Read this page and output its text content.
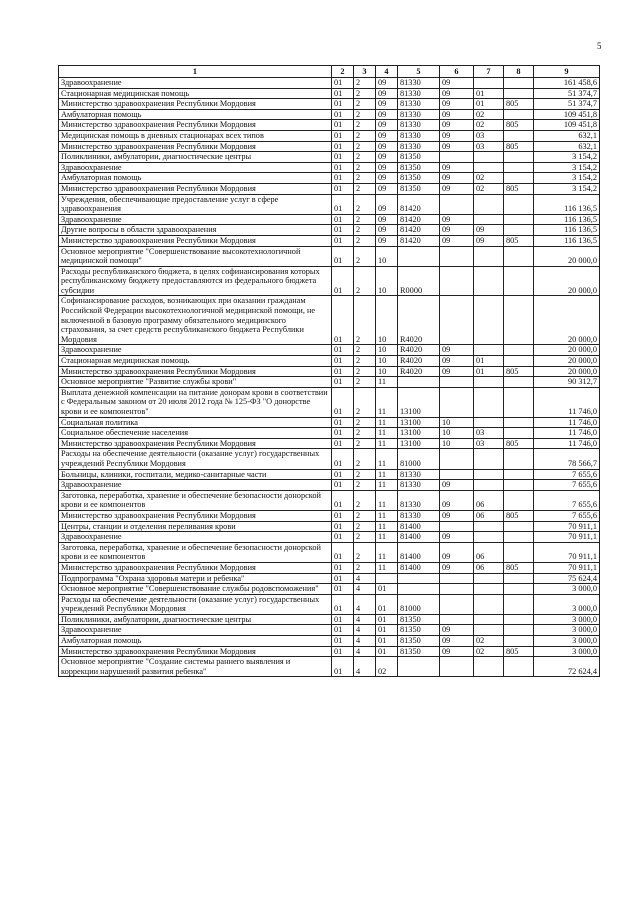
5
1	2	3	4	5	6	7	8	9
Здравоохранение	01	2	09	81330	09			161 458,6
Стационарная медицинская помощь	01	2	09	81330	09	01		51 374,7
Министерство здравоохранения Республики Мордовия	01	2	09	81330	09	01	805	51 374,7
Амбулаторная помощь	01	2	09	81330	09	02		109 451,8
Министерство здравоохранения Республики Мордовия	01	2	09	81330	09	02	805	109 451,8
Медицинская помощь в дневных стационарах всех типов	01	2	09	81330	09	03		632,1
Министерство здравоохранения Республики Мордовия	01	2	09	81330	09	03	805	632,1
Поликлиники, амбулатории, диагностические центры	01	2	09	81350				3 154,2
Здравоохранение	01	2	09	81350	09			3 154,2
Амбулаторная помощь	01	2	09	81350	09	02		3 154,2
Министерство здравоохранения Республики Мордовия	01	2	09	81350	09	02	805	3 154,2
Учреждения, обеспечивающие предоставление услуг в сфере здравоохранения	01	2	09	81420				116 136,5
Здравоохранение	01	2	09	81420	09			116 136,5
Другие вопросы в области здравоохранения	01	2	09	81420	09	09		116 136,5
Министерство здравоохранения Республики Мордовия	01	2	09	81420	09	09	805	116 136,5
Основное мероприятие "Совершенствование высокотехнологичной медицинской помощи"	01	2	10					20 000,0
Расходы республиканского бюджета, в целях софинансирования которых республиканскому бюджету предоставляются из федерального бюджета субсидии	01	2	10	R0000				20 000,0
Софинансирование расходов, возникающих при оказании гражданам Российской Федерации высокотехнологичной медицинской помощи, не включенной в базовую программу обязательного медицинского страхования, за счет средств республиканского бюджета Республики Мордовия	01	2	10	R4020				20 000,0
Здравоохранение	01	2	10	R4020	09			20 000,0
Стационарная медицинская помощь	01	2	10	R4020	09	01		20 000,0
Министерство здравоохранения Республики Мордовия	01	2	10	R4020	09	01	805	20 000,0
Основное мероприятие "Развитие службы крови"	01	2	11					90 312,7
Выплата денежной компенсации на питание донорам крови в соответствии с Федеральным законом от 20 июля 2012 года № 125-ФЗ "О донорстве крови и ее компонентов"	01	2	11	13100				11 746,0
Социальная политика	01	2	11	13100	10			11 746,0
Социальное обеспечение населения	01	2	11	13100	10	03		11 746,0
Министерство здравоохранения Республики Мордовия	01	2	11	13100	10	03	805	11 746,0
Расходы на обеспечение деятельности (оказание услуг) государственных учреждений Республики Мордовия	01	2	11	81000				78 566,7
Больницы, клиники, госпитали, медико-санитарные части	01	2	11	81330				7 655,6
Здравоохранение	01	2	11	81330	09			7 655,6
Заготовка, переработка, хранение и обеспечение безопасности донорской крови и ее компонентов	01	2	11	81330	09	06		7 655,6
Министерство здравоохранения Республики Мордовия	01	2	11	81330	09	06	805	7 655,6
Центры, станции и отделения переливания крови	01	2	11	81400				70 911,1
Здравоохранение	01	2	11	81400	09			70 911,1
Заготовка, переработка, хранение и обеспечение безопасности донорской крови и ее компонентов	01	2	11	81400	09	06		70 911,1
Министерство здравоохранения Республики Мордовия	01	2	11	81400	09	06	805	70 911,1
Подпрограмма "Охрана здоровья матери и ребенка"	01	4						75 624,4
Основное мероприятие "Совершенствование службы родовспоможения"	01	4	01					3 000,0
Расходы на обеспечение деятельности (оказание услуг) государственных учреждений Республики Мордовия	01	4	01	81000				3 000,0
Поликлиники, амбулатории, диагностические центры	01	4	01	81350				3 000,0
Здравоохранение	01	4	01	81350	09			3 000,0
Амбулаторная помощь	01	4	01	81350	09	02		3 000,0
Министерство здравоохранения Республики Мордовия	01	4	01	81350	09	02	805	3 000,0
Основное мероприятие "Создание системы раннего выявления и коррекции нарушений развития ребенка"	01	4	02					72 624,4
